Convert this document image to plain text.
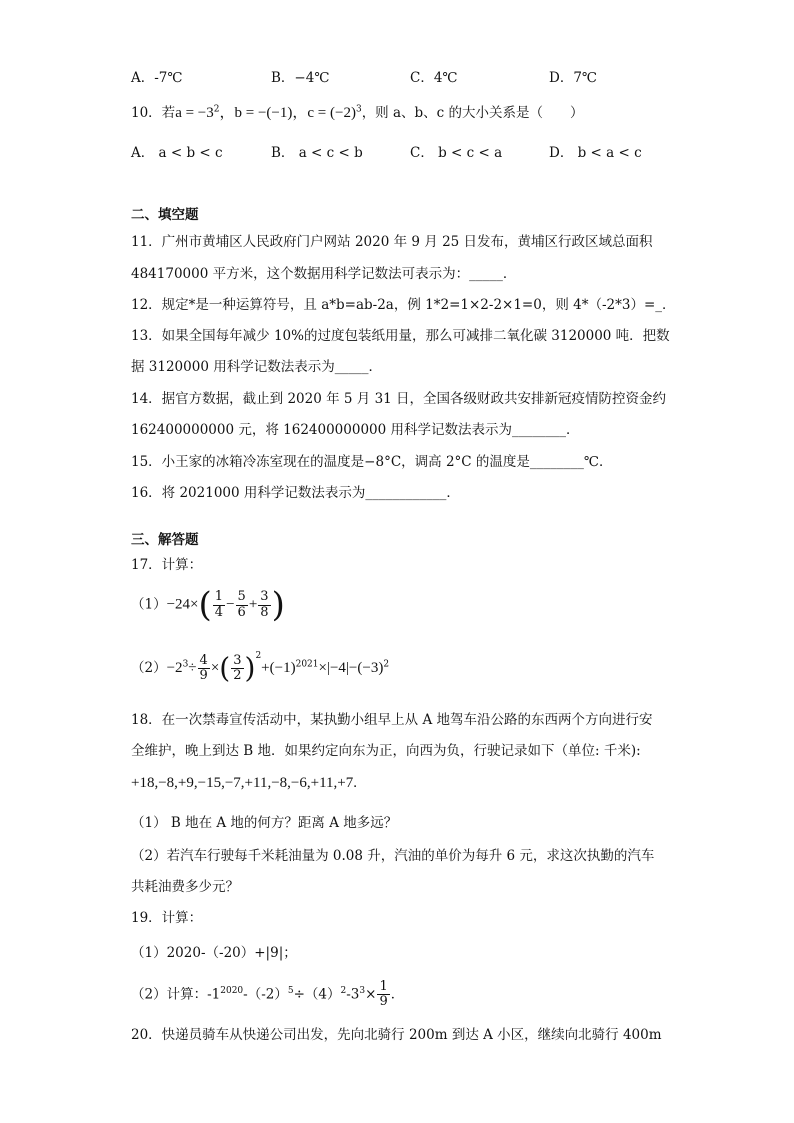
A．-7℃	B．−4℃	C．4℃	D．7℃
10．若$a = -3^2$，b = −(−1)，$c = (-2)^3$，则 a、b、c 的大小关系是（　　）
A． a < b < c	B． a < c < b	C． b < c < a	D． b < a < c
二、填空题
11．广州市黄埔区人民政府门户网站 2020 年 9 月 25 日发布，黄埔区行政区域总面积
484170000 平方米，这个数据用科学记数法可表示为：_____．
12．规定*是一种运算符号，且 a*b=ab-2a，例 1*2=1×2-2×1=0，则 4*（-2*3）=_．
13．如果全国每年减少 10%的过度包装纸用量，那么可减排二氧化碳 3120000 吨．把数
据 3120000 用科学记数法表示为_____．
14．据官方数据，截止到 2020 年 5 月 31 日，全国各级财政共安排新冠疫情防控资金约
162400000000 元，将 162400000000 用科学记数法表示为________．
15．小王家的冰箱冷冻室现在的温度是−8°C，调高 2°C 的温度是________℃．
16．将 2021000 用科学记数法表示为____________．
三、解答题
17．计算：
$(1)-24\times( \frac{1}{4} - \frac{5}{6} + \frac{3}{8}$ )
$(2)-2^3\div \frac{4}{9}$ ×( $\frac{3}{2} )^2+(-1)^{2021}\times|-4|-(-3)^2$
18．在一次禁毒宣传活动中，某执勤小组早上从 A 地驾车沿公路的东西两个方向进行安
全维护，晚上到达 B 地．如果约定向东为正，向西为负，行驶记录如下（单位: 千米):
+18,−8,+9,−15,−7,+11,−8,−6,+11,+7.
（1） B 地在 A 地的何方？距离 A 地多远？
（2）若汽车行驶每千米耗油量为 0.08 升，汽油的单价为每升 6 元，求这次执勤的汽车
共耗油费多少元？
19．计算：
（1）2020-（-20）+|9|；
（2）计算：$-1^{2020}-(-2)^5\div(4)^2-3^3\times \frac{1}{9}$ ．
20．快递员骑车从快递公司出发，先向北骑行 200m 到达 A 小区，继续向北骑行 400m
